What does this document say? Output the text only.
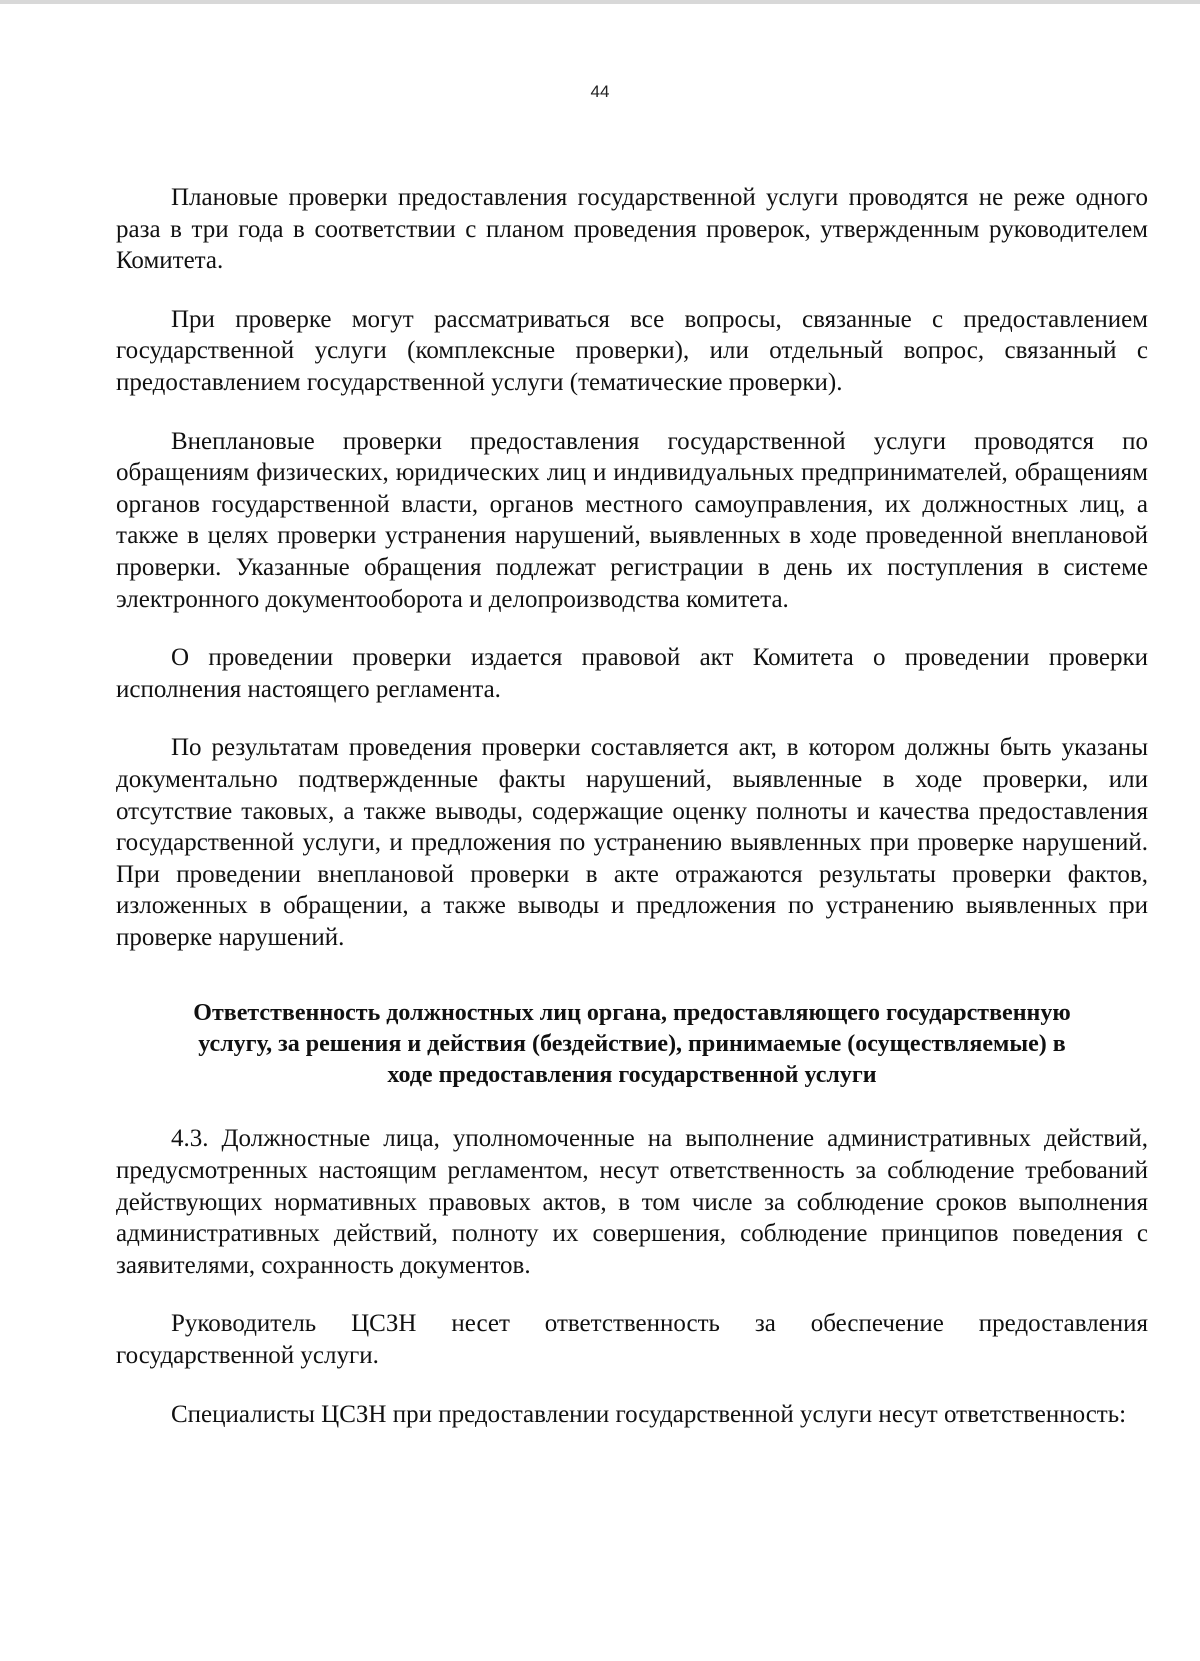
44

Плановые проверки предоставления государственной услуги проводятся не реже одного раза в три года в соответствии с планом проведения проверок, утвержденным руководителем Комитета.

При проверке могут рассматриваться все вопросы, связанные с предоставлением государственной услуги (комплексные проверки), или отдельный вопрос, связанный с предоставлением государственной услуги (тематические проверки).

Внеплановые проверки предоставления государственной услуги проводятся по обращениям физических, юридических лиц и индивидуальных предпринимателей, обращениям органов государственной власти, органов местного самоуправления, их должностных лиц, а также в целях проверки устранения нарушений, выявленных в ходе проведенной внеплановой проверки. Указанные обращения подлежат регистрации в день их поступления в системе электронного документооборота и делопроизводства комитета.

О проведении проверки издается правовой акт Комитета о проведении проверки исполнения настоящего регламента.

По результатам проведения проверки составляется акт, в котором должны быть указаны документально подтвержденные факты нарушений, выявленные в ходе проверки, или отсутствие таковых, а также выводы, содержащие оценку полноты и качества предоставления государственной услуги, и предложения по устранению выявленных при проверке нарушений. При проведении внеплановой проверки в акте отражаются результаты проверки фактов, изложенных в обращении, а также выводы и предложения по устранению выявленных при проверке нарушений.

Ответственность должностных лиц органа, предоставляющего государственную услугу, за решения и действия (бездействие), принимаемые (осуществляемые) в ходе предоставления государственной услуги

4.3. Должностные лица, уполномоченные на выполнение административных действий, предусмотренных настоящим регламентом, несут ответственность за соблюдение требований действующих нормативных правовых актов, в том числе за соблюдение сроков выполнения административных действий, полноту их совершения, соблюдение принципов поведения с заявителями, сохранность документов.

Руководитель ЦСЗН несет ответственность за обеспечение предоставления государственной услуги.

Специалисты ЦСЗН при предоставлении государственной услуги несут ответственность:
